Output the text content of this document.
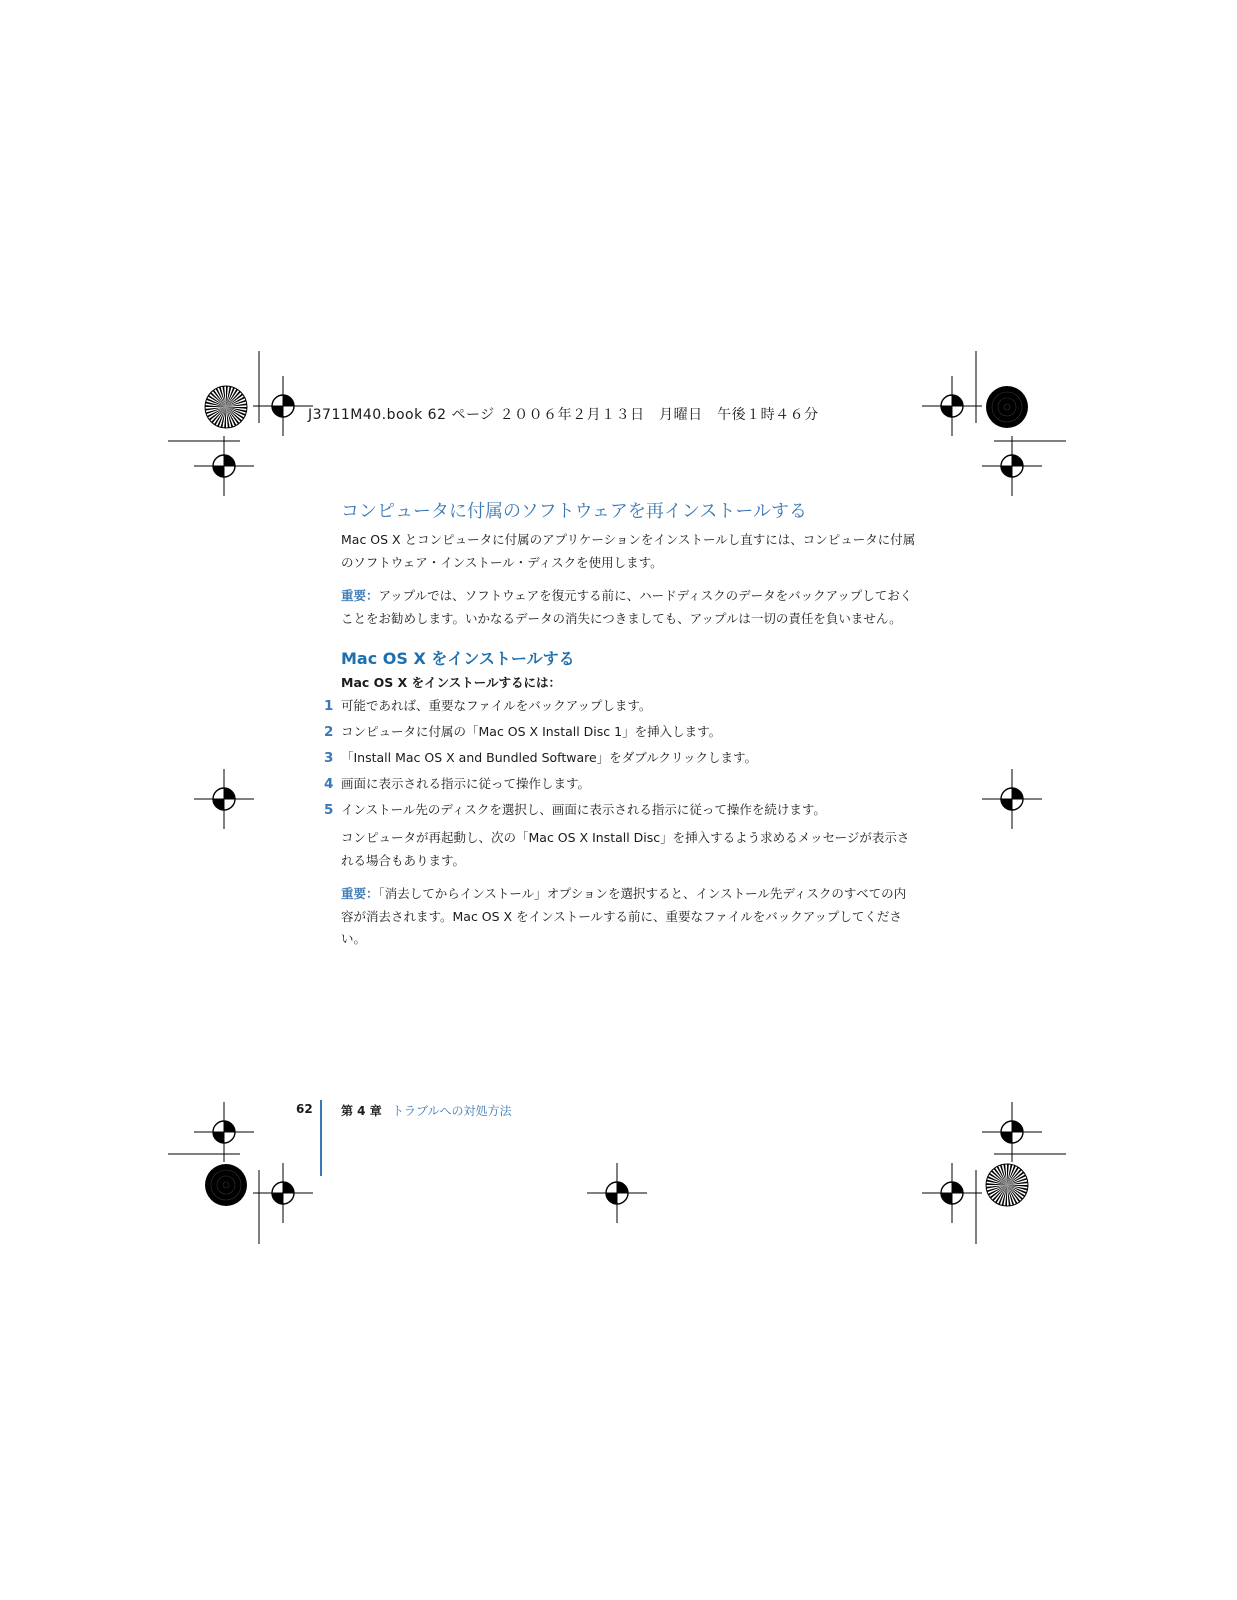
J3711M40.book 62 ページ ２００６年２月１３日　月曜日　午後１時４６分
コンピュータに付属のソフトウェアを再インストールする

Mac OS X とコンピュータに付属のアプリケーションをインストールし直すには、コンピュータに付属のソフトウェア・インストール・ディスクを使用します。

重要：アップルでは、ソフトウェアを復元する前に、ハードディスクのデータをバックアップしておくことをお勧めします。いかなるデータの消失につきましても、アップルは一切の責任を負いません。

Mac OS X をインストールする

Mac OS X をインストールするには：

1 可能であれば、重要なファイルをバックアップします。
2 コンピュータに付属の「Mac OS X Install Disc 1」を挿入します。
3 「Install Mac OS X and Bundled Software」をダブルクリックします。
4 画面に表示される指示に従って操作します。
5 インストール先のディスクを選択し、画面に表示される指示に従って操作を続けます。

コンピュータが再起動し、次の「Mac OS X Install Disc」を挿入するよう求めるメッセージが表示される場合もあります。

重要：「消去してからインストール」オプションを選択すると、インストール先ディスクのすべての内容が消去されます。Mac OS X をインストールする前に、重要なファイルをバックアップしてください。

62 第 4 章 トラブルへの対処方法
